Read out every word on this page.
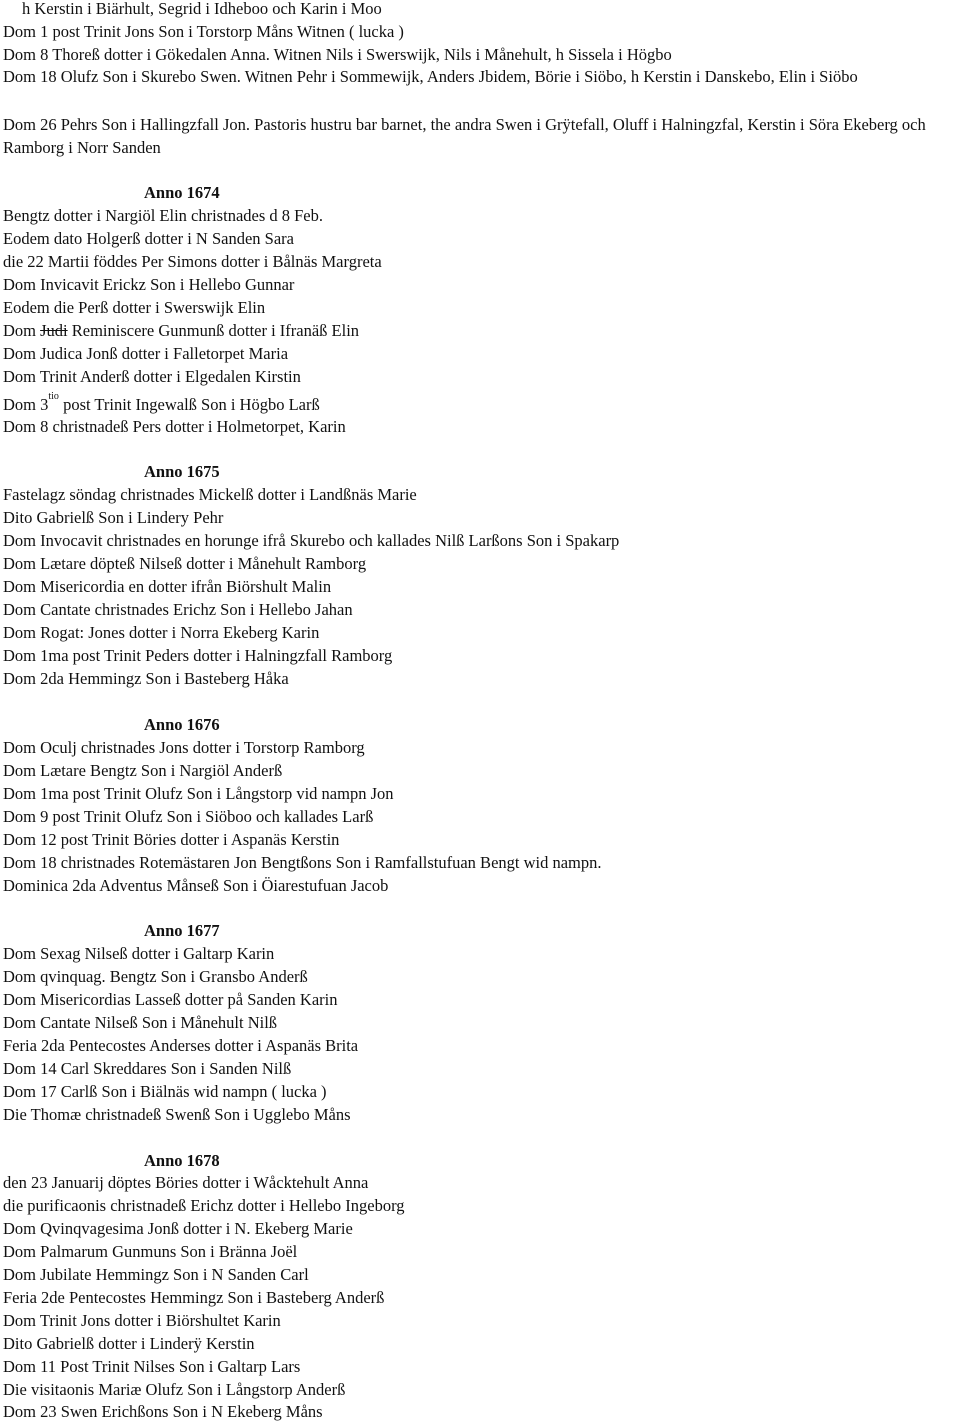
h Kerstin i Biärhult, Segrid i Idheboo och Karin i Moo
Dom 1 post Trinit Jons Son i Torstorp Måns Witnen ( lucka )
Dom 8 Thoreß dotter i Gökedalen Anna. Witnen Nils i Swerswijk, Nils i Månehult, h Sissela i Högbo
Dom 18 Olufz Son i Skurebo Swen. Witnen Pehr i Sommewijk, Anders Jbidem, Börie i Siöbo, h Kerstin i Danskebo, Elin i Siöbo
Dom 26 Pehrs Son i Hallingzfall Jon. Pastoris hustru bar barnet, the andra Swen i Grÿtefall, Oluff i Halningzfal, Kerstin i Söra Ekeberg och Ramborg i Norr Sanden
Anno 1674
Bengtz dotter i Nargiöl Elin christnades d 8 Feb.
Eodem dato Holgerß dotter i N Sanden Sara
die 22 Martii föddes Per Simons dotter i Bålnäs Margreta
Dom Invicavit Erickz Son i Hellebo Gunnar
Eodem die Perß dotter i Swerswijk Elin
Dom Judi Reminiscere Gunmunß dotter i Ifranäß Elin
Dom Judica Jonß dotter i Falletorpet Maria
Dom Trinit Anderß dotter i Elgedalen Kirstin
Dom $3^{tio}$ post Trinit Ingewalß Son i Högbo Larß
Dom 8 christnadeß Pers dotter i Holmetorpet, Karin
Anno 1675
Fastelagz söndag christnades Mickelß dotter i Landßnäs Marie
Dito Gabrielß Son i Lindery Pehr
Dom Invocavit christnades en horunge ifrå Skurebo och kallades Nilß Larßons Son i Spakarp
Dom Lætare döpteß Nilseß dotter i Månehult Ramborg
Dom Misericordia en dotter ifrån Biörshult Malin
Dom Cantate christnades Erichz Son i Hellebo Jahan
Dom Rogat: Jones dotter i Norra Ekeberg Karin
Dom 1ma post Trinit Peders dotter i Halningzfall Ramborg
Dom 2da Hemmingz Son i Basteberg Håka
Anno 1676
Dom Oculj christnades Jons dotter i Torstorp Ramborg
Dom Lætare Bengtz Son i Nargiöl Anderß
Dom 1ma post Trinit Olufz Son i Långstorp vid nampn Jon
Dom 9 post Trinit Olufz Son i Siöboo och kallades Larß
Dom 12 post Trinit Böries dotter i Aspanäs Kerstin
Dom 18 christnades Rotemästaren Jon Bengtßons Son i Ramfallstufuan Bengt wid nampn.
Dominica 2da Adventus Månseß Son i Öiarestufuan Jacob
Anno 1677
Dom Sexag Nilseß dotter i Galtarp Karin
Dom qvinquag. Bengtz Son i Gransbo Anderß
Dom Misericordias Lasseß dotter på Sanden Karin
Dom Cantate Nilseß Son i Månehult Nilß
Feria 2da Pentecostes Anderses dotter i Aspanäs Brita
Dom 14 Carl Skreddares Son i Sanden Nilß
Dom 17 Carlß Son i Biälnäs wid nampn ( lucka )
Die Thomæ christnadeß Swenß Son i Ugglebo Måns
Anno 1678
den 23 Januarij döptes Böries dotter i Wåcktehult Anna
die purificaonis christnadeß Erichz dotter i Hellebo Ingeborg
Dom Qvinqvagesima Jonß dotter i N. Ekeberg Marie
Dom Palmarum Gunmuns Son i Bränna Joël
Dom Jubilate Hemmingz Son i N Sanden Carl
Feria 2de Pentecostes Hemmingz Son i Basteberg Anderß
Dom Trinit Jons dotter i Biörshultet Karin
Dito Gabrielß dotter i Linderÿ Kerstin
Dom 11 Post Trinit Nilses Son i Galtarp Lars
Die visitaonis Mariæ Olufz Son i Långstorp Anderß
Dom 23 Swen Erichßons Son i N Ekeberg Måns
